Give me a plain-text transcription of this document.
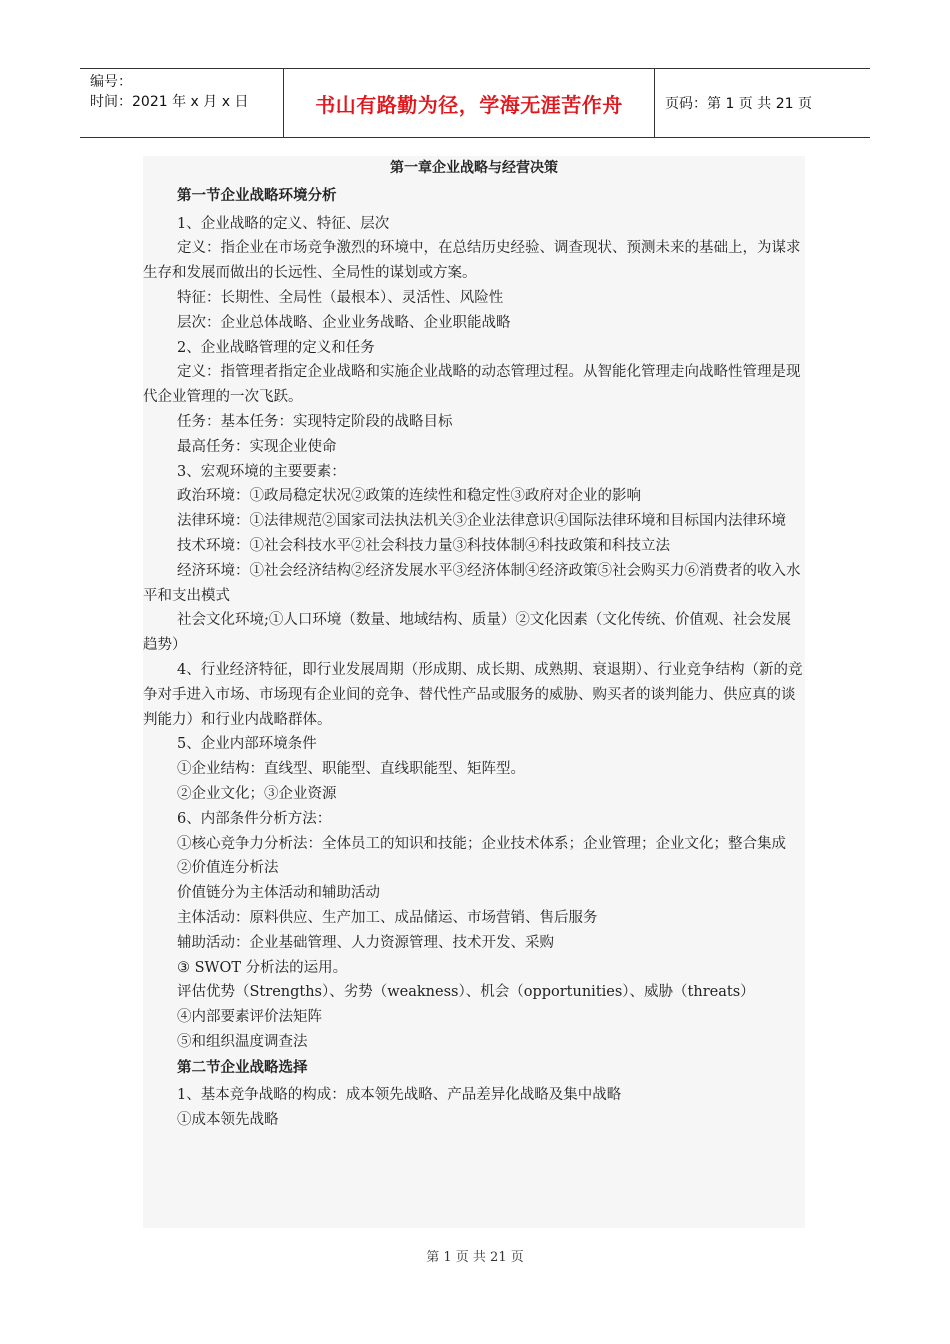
编号：
时间：2021 年 x 月 x 日	书山有路勤为径，学海无涯苦作舟	页码：第 1 页 共 21 页

第一章企业战略与经营决策

第一节企业战略环境分析

1、企业战略的定义、特征、层次

定义：指企业在市场竞争激烈的环境中，在总结历史经验、调查现状、预测未来的基础上，为谋求生存和发展而做出的长远性、全局性的谋划或方案。

特征：长期性、全局性（最根本）、灵活性、风险性

层次：企业总体战略、企业业务战略、企业职能战略

2、企业战略管理的定义和任务

定义：指管理者指定企业战略和实施企业战略的动态管理过程。从智能化管理走向战略性管理是现代企业管理的一次飞跃。

任务：基本任务：实现特定阶段的战略目标

最高任务：实现企业使命

3、宏观环境的主要要素：

政治环境：①政局稳定状况②政策的连续性和稳定性③政府对企业的影响

法律环境：①法律规范②国家司法执法机关③企业法律意识④国际法律环境和目标国内法律环境

技术环境：①社会科技水平②社会科技力量③科技体制④科技政策和科技立法

经济环境：①社会经济结构②经济发展水平③经济体制④经济政策⑤社会购买力⑥消费者的收入水平和支出模式

社会文化环境;①人口环境（数量、地域结构、质量）②文化因素（文化传统、价值观、社会发展趋势）

4、行业经济特征，即行业发展周期（形成期、成长期、成熟期、衰退期）、行业竞争结构（新的竞争对手进入市场、市场现有企业间的竞争、替代性产品或服务的威胁、购买者的谈判能力、供应真的谈判能力）和行业内战略群体。

5、企业内部环境条件

①企业结构：直线型、职能型、直线职能型、矩阵型。

②企业文化；③企业资源

6、内部条件分析方法：

①核心竞争力分析法：全体员工的知识和技能；企业技术体系；企业管理；企业文化；整合集成

②价值连分析法

价值链分为主体活动和辅助活动

主体活动：原料供应、生产加工、成品储运、市场营销、售后服务

辅助活动：企业基础管理、人力资源管理、技术开发、采购

③ SWOT 分析法的运用。

评估优势（Strengths）、劣势（weakness）、机会（opportunities）、威胁（threats）

④内部要素评价法矩阵

⑤和组织温度调查法

第二节企业战略选择

1、基本竞争战略的构成：成本领先战略、产品差异化战略及集中战略

①成本领先战略

第 1 页 共 21 页
